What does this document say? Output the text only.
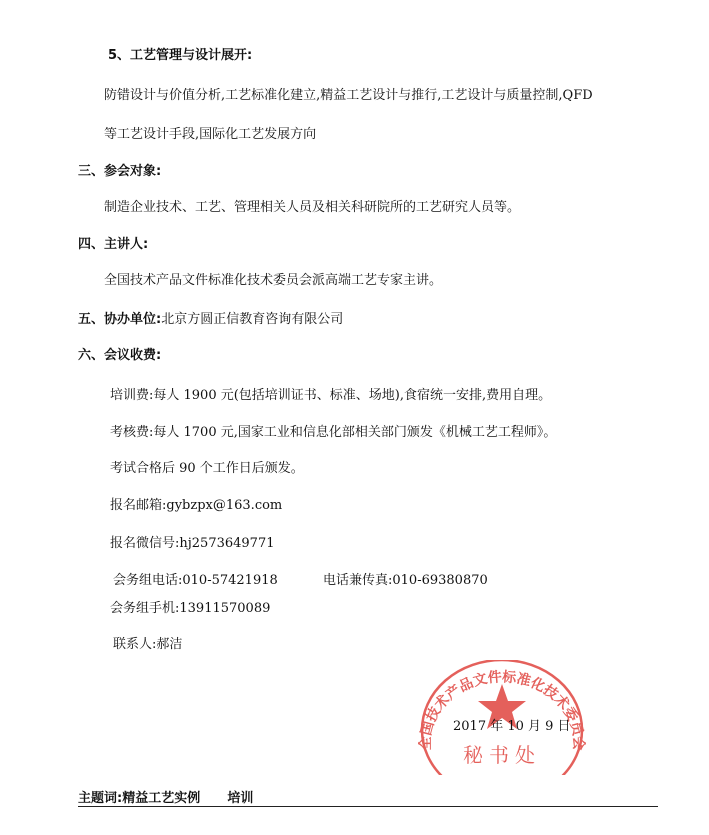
5、工艺管理与设计展开:
防错设计与价值分析,工艺标准化建立,精益工艺设计与推行,工艺设计与质量控制,QFD
等工艺设计手段,国际化工艺发展方向
三、参会对象:
制造企业技术、工艺、管理相关人员及相关科研院所的工艺研究人员等。
四、主讲人:
全国技术产品文件标准化技术委员会派高端工艺专家主讲。
五、协办单位:北京方圆正信教育咨询有限公司
六、会议收费:
培训费:每人 1900 元(包括培训证书、标准、场地),食宿统一安排,费用自理。
考核费:每人 1700 元,国家工业和信息化部相关部门颁发《机械工艺工程师》。
考试合格后 90 个工作日后颁发。
报名邮箱:gybzpx@163.com
报名微信号:hj2573649771
会务组电话:010-57421918	电话兼传真:010-69380870
会务组手机:13911570089
联系人:郝洁
全国技术产品文件标准化技术委员会
秘书处
2017 年 10 月 9 日
主题词:精益工艺实例      培训
